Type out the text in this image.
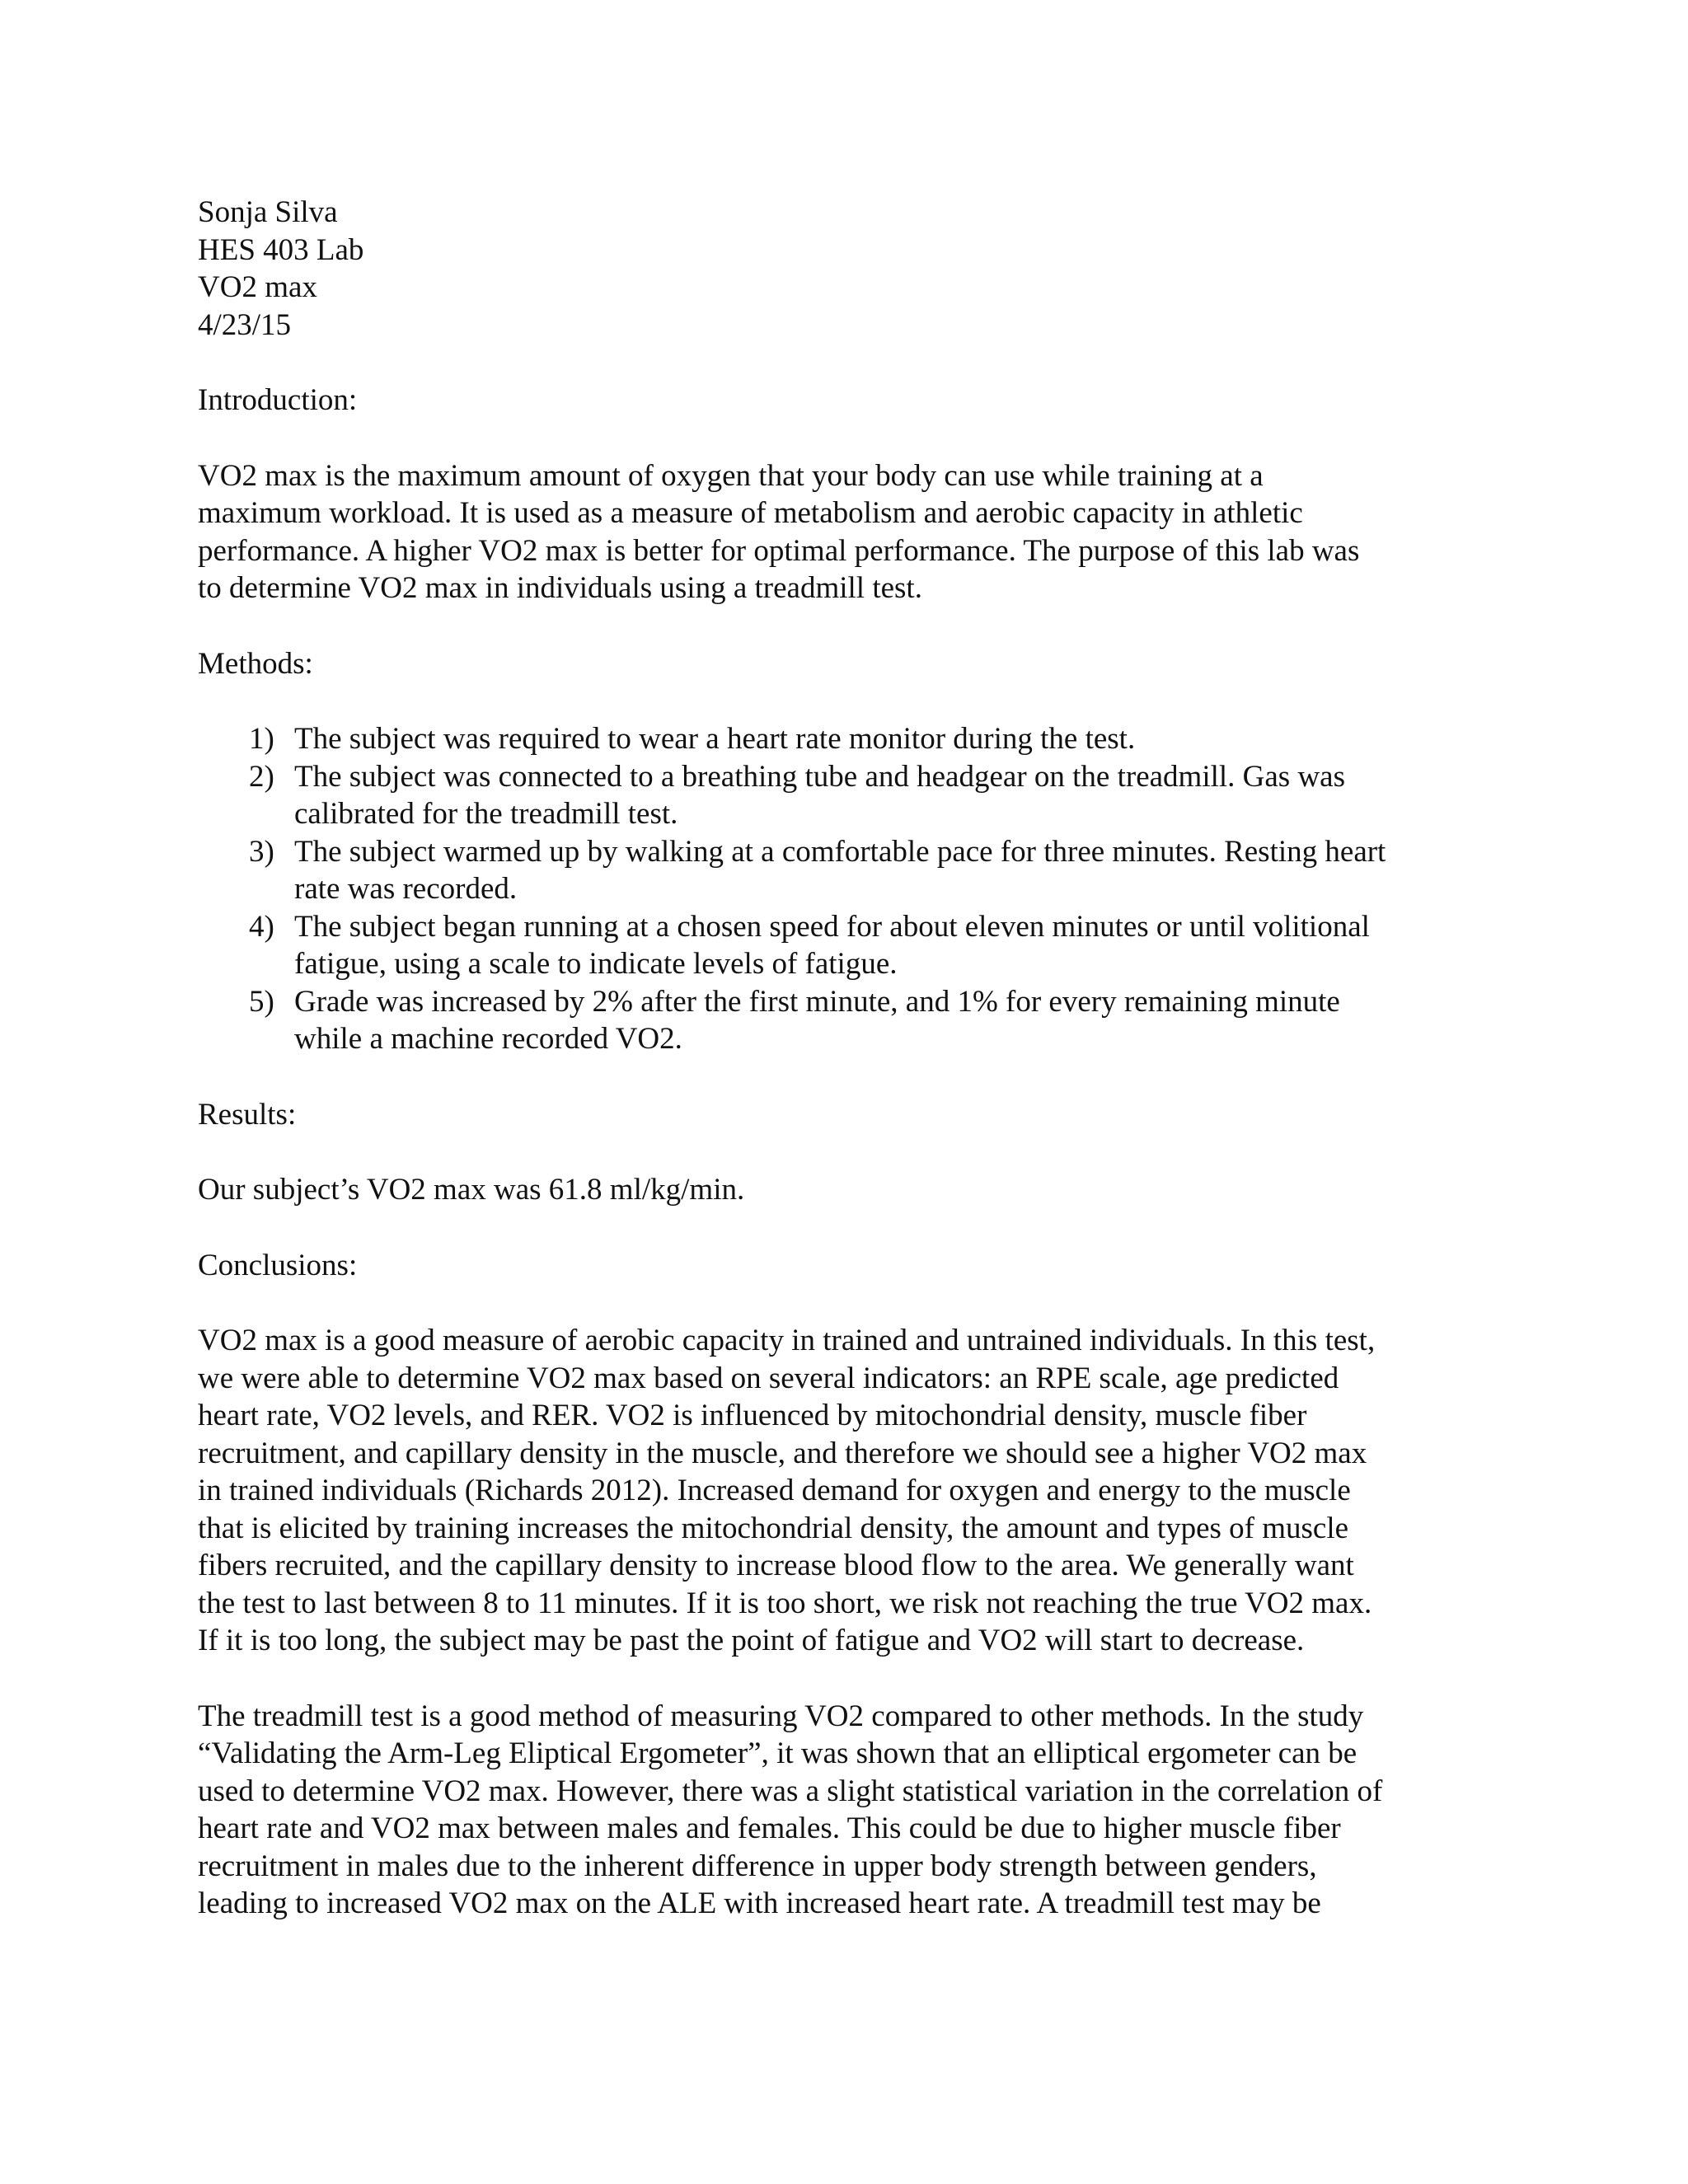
Sonja Silva
HES 403 Lab
VO2 max
4/23/15
Introduction:
VO2 max is the maximum amount of oxygen that your body can use while training at a
maximum workload. It is used as a measure of metabolism and aerobic capacity in athletic
performance. A higher VO2 max is better for optimal performance. The purpose of this lab was
to determine VO2 max in individuals using a treadmill test.
Methods:
1) The subject was required to wear a heart rate monitor during the test.
2) The subject was connected to a breathing tube and headgear on the treadmill. Gas was
calibrated for the treadmill test.
3) The subject warmed up by walking at a comfortable pace for three minutes. Resting heart
rate was recorded.
4) The subject began running at a chosen speed for about eleven minutes or until volitional
fatigue, using a scale to indicate levels of fatigue.
5) Grade was increased by 2% after the first minute, and 1% for every remaining minute
while a machine recorded VO2.
Results:
Our subject’s VO2 max was 61.8 ml/kg/min.
Conclusions:
VO2 max is a good measure of aerobic capacity in trained and untrained individuals. In this test,
we were able to determine VO2 max based on several indicators: an RPE scale, age predicted
heart rate, VO2 levels, and RER. VO2 is influenced by mitochondrial density, muscle fiber
recruitment, and capillary density in the muscle, and therefore we should see a higher VO2 max
in trained individuals (Richards 2012). Increased demand for oxygen and energy to the muscle
that is elicited by training increases the mitochondrial density, the amount and types of muscle
fibers recruited, and the capillary density to increase blood flow to the area. We generally want
the test to last between 8 to 11 minutes. If it is too short, we risk not reaching the true VO2 max.
If it is too long, the subject may be past the point of fatigue and VO2 will start to decrease.
The treadmill test is a good method of measuring VO2 compared to other methods. In the study
“Validating the Arm-Leg Eliptical Ergometer”, it was shown that an elliptical ergometer can be
used to determine VO2 max. However, there was a slight statistical variation in the correlation of
heart rate and VO2 max between males and females. This could be due to higher muscle fiber
recruitment in males due to the inherent difference in upper body strength between genders,
leading to increased VO2 max on the ALE with increased heart rate. A treadmill test may be
